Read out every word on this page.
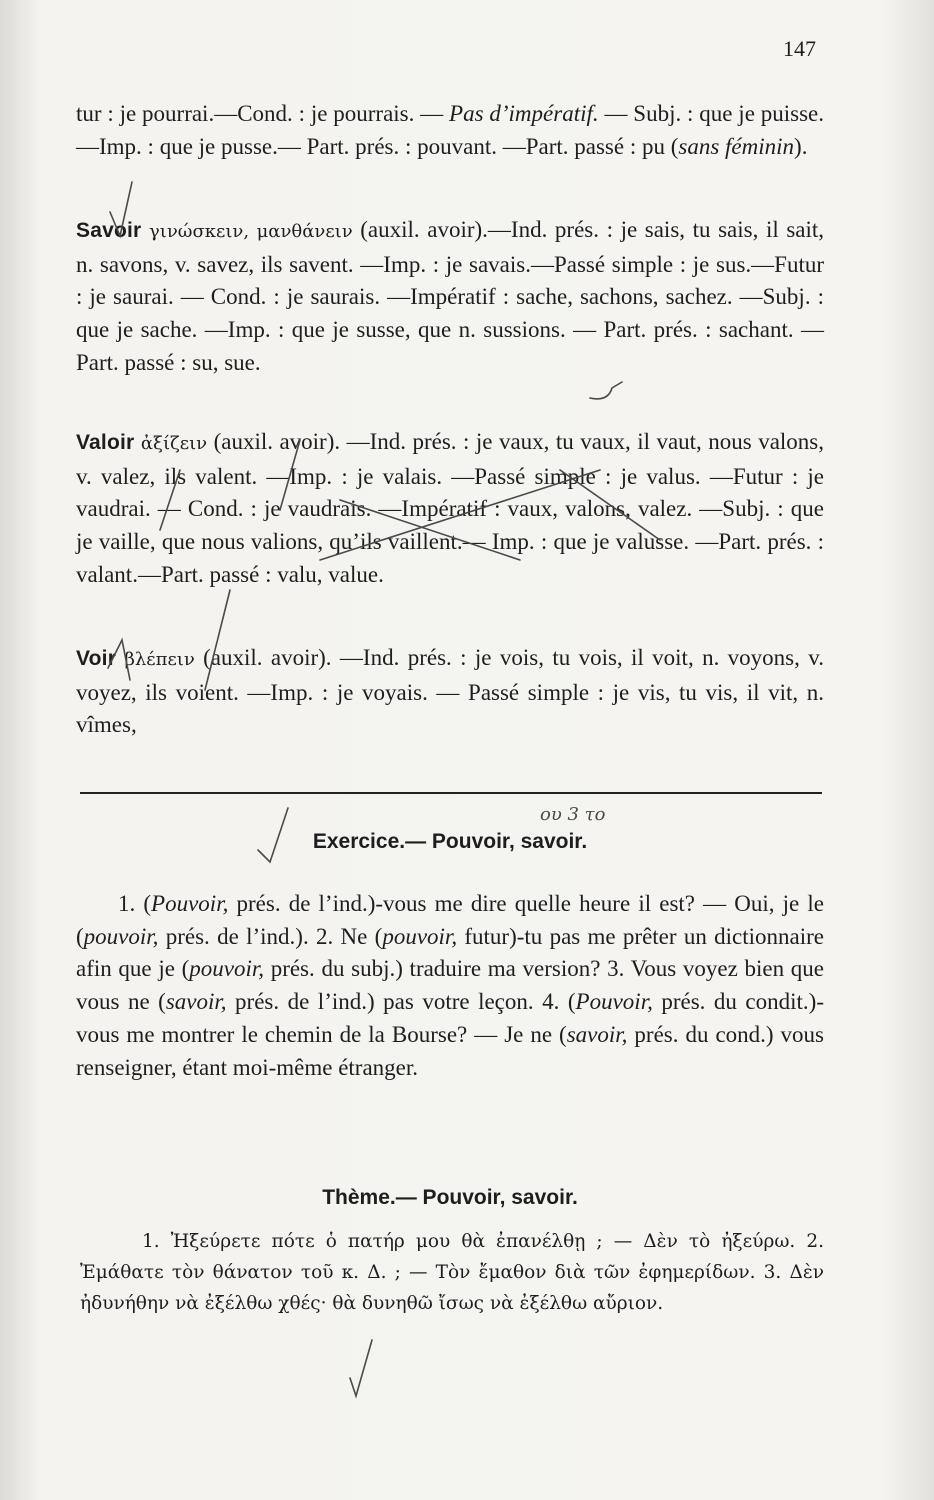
147

tur : je pourrai.—Cond. : je pourrais. — Pas d’impératif. — Subj. : que je puisse. —Imp. : que je pusse.— Part. prés. : pouvant. —Part. passé : pu (sans féminin).

Savoir γινώσκειν, μανθάνειν (auxil. avoir).—Ind. prés. : je sais, tu sais, il sait, n. savons, v. savez, ils savent. —Imp. : je savais.—Passé simple : je sus.—Futur : je saurai. — Cond. : je saurais. —Impératif : sache, sachons, sachez. —Subj. : que je sache. —Imp. : que je susse, que n. sussions. — Part. prés. : sachant. — Part. passé : su, sue.

Valoir ἀξίζειν (auxil. avoir). —Ind. prés. : je vaux, tu vaux, il vaut, nous valons, v. valez, ils valent. —Imp. : je valais. —Passé simple : je valus. —Futur : je vaudrai. — Cond. : je vaudrais. —Impératif : vaux, valons, valez. —Subj. : que je vaille, que nous valions, qu’ils vaillent.— Imp. : que je valusse. —Part. prés. : valant.—Part. passé : valu, value.

Voir βλέπειν (auxil. avoir). —Ind. prés. : je vois, tu vois, il voit, n. voyons, v. voyez, ils voient. —Imp. : je voyais. — Passé simple : je vis, tu vis, il vit, n. vîmes,

Exercice.— Pouvoir, savoir.

1. (Pouvoir, prés. de l’ind.)-vous me dire quelle heure il est? — Oui, je le (pouvoir, prés. de l’ind.). 2. Ne (pouvoir, futur)-tu pas me prêter un dictionnaire afin que je (pouvoir, prés. du subj.) traduire ma version? 3. Vous voyez bien que vous ne (savoir, prés. de l’ind.) pas votre leçon. 4. (Pouvoir, prés. du condit.)-vous me montrer le chemin de la Bourse? — Je ne (savoir, prés. du cond.) vous renseigner, étant moi-même étranger.

Thème.— Pouvoir, savoir.
1. Ἠξεύρετε πότε ὁ πατήρ μου θὰ ἐπανέλθῃ ; — Δὲν τὸ ἠξεύρω. 2. Ἐμάθατε τὸν θάνατον τοῦ κ. Δ. ; — Τὸν ἔμαθον διὰ τῶν ἐφημερίδων. 3. Δὲν ἠδυνήθην νὰ ἐξέλθω χθές· θὰ δυνηθῶ ἴσως νὰ ἐξέλθω αὔριον.
ου 3 το
